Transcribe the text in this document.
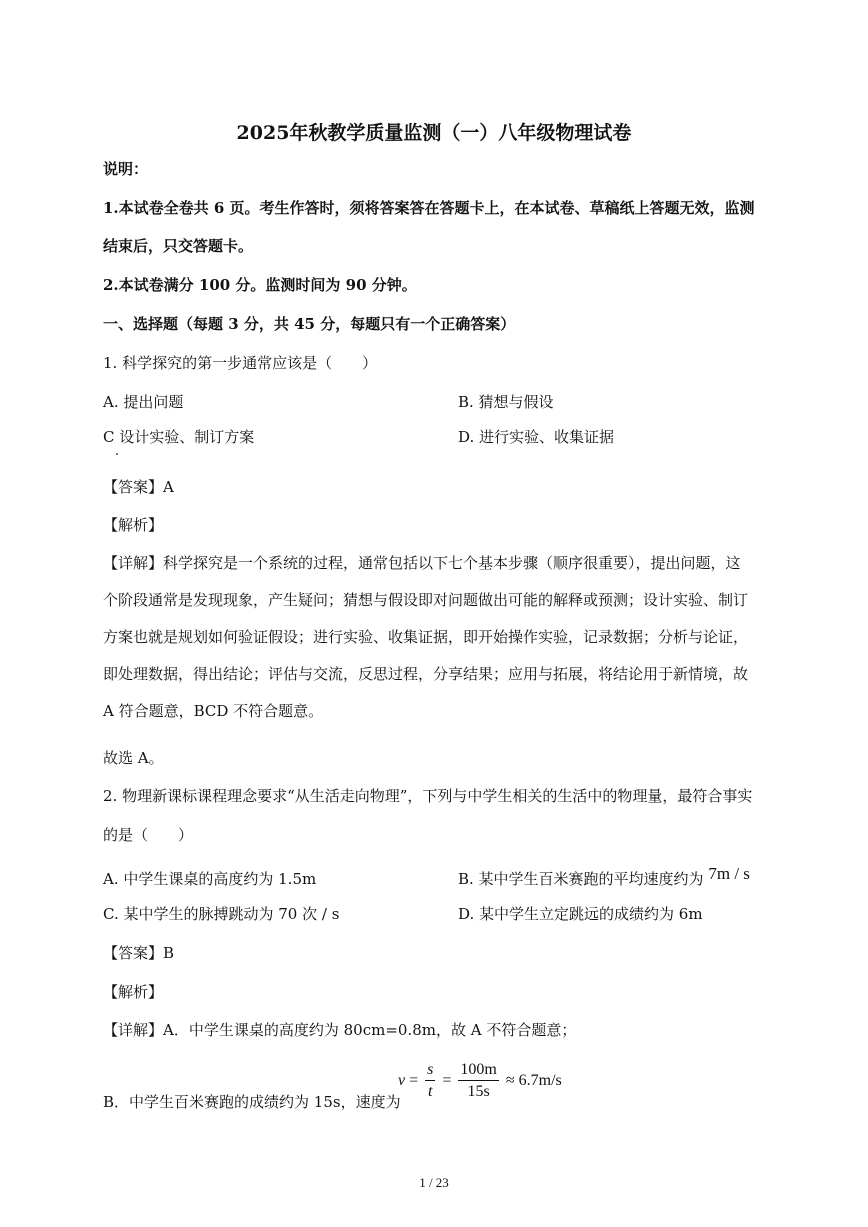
2025年秋教学质量监测（一）八年级物理试卷
说明：
1.本试卷全卷共 6 页。考生作答时，须将答案答在答题卡上，在本试卷、草稿纸上答题无效，监测
结束后，只交答题卡。
2.本试卷满分 100 分。监测时间为 90 分钟。
一、选择题（每题 3 分，共 45 分，每题只有一个正确答案）
1. 科学探究的第一步通常应该是（　　）
A. 提出问题	B. 猜想与假设
C 设计实验、制订方案	D. 进行实验、收集证据
【答案】A
【解析】
【详解】科学探究是一个系统的过程，通常包括以下七个基本步骤（顺序很重要），提出问题，这
个阶段通常是发现现象，产生疑问；猜想与假设即对问题做出可能的解释或预测；设计实验、制订
方案也就是规划如何验证假设；进行实验、收集证据，即开始操作实验，记录数据；分析与论证，
即处理数据，得出结论；评估与交流，反思过程，分享结果；应用与拓展，将结论用于新情境，故
A 符合题意，BCD 不符合题意。
故选 A。
2. 物理新课标课程理念要求“从生活走向物理”，下列与中学生相关的生活中的物理量，最符合事实
的是（　　）
A. 中学生课桌的高度约为 1.5m	B. 某中学生百米赛跑的平均速度约为 7m / s
C. 某中学生的脉搏跳动为 70 次 / s	D. 某中学生立定跳远的成绩约为 6m
【答案】B
【解析】
【详解】A．中学生课桌的高度约为 80cm=0.8m，故 A 不符合题意；
B．中学生百米赛跑的成绩约为 15s，速度为
$v = \frac{s}{t} = \frac{100m}{15s} \approx 6.7m/s$
1 / 23
